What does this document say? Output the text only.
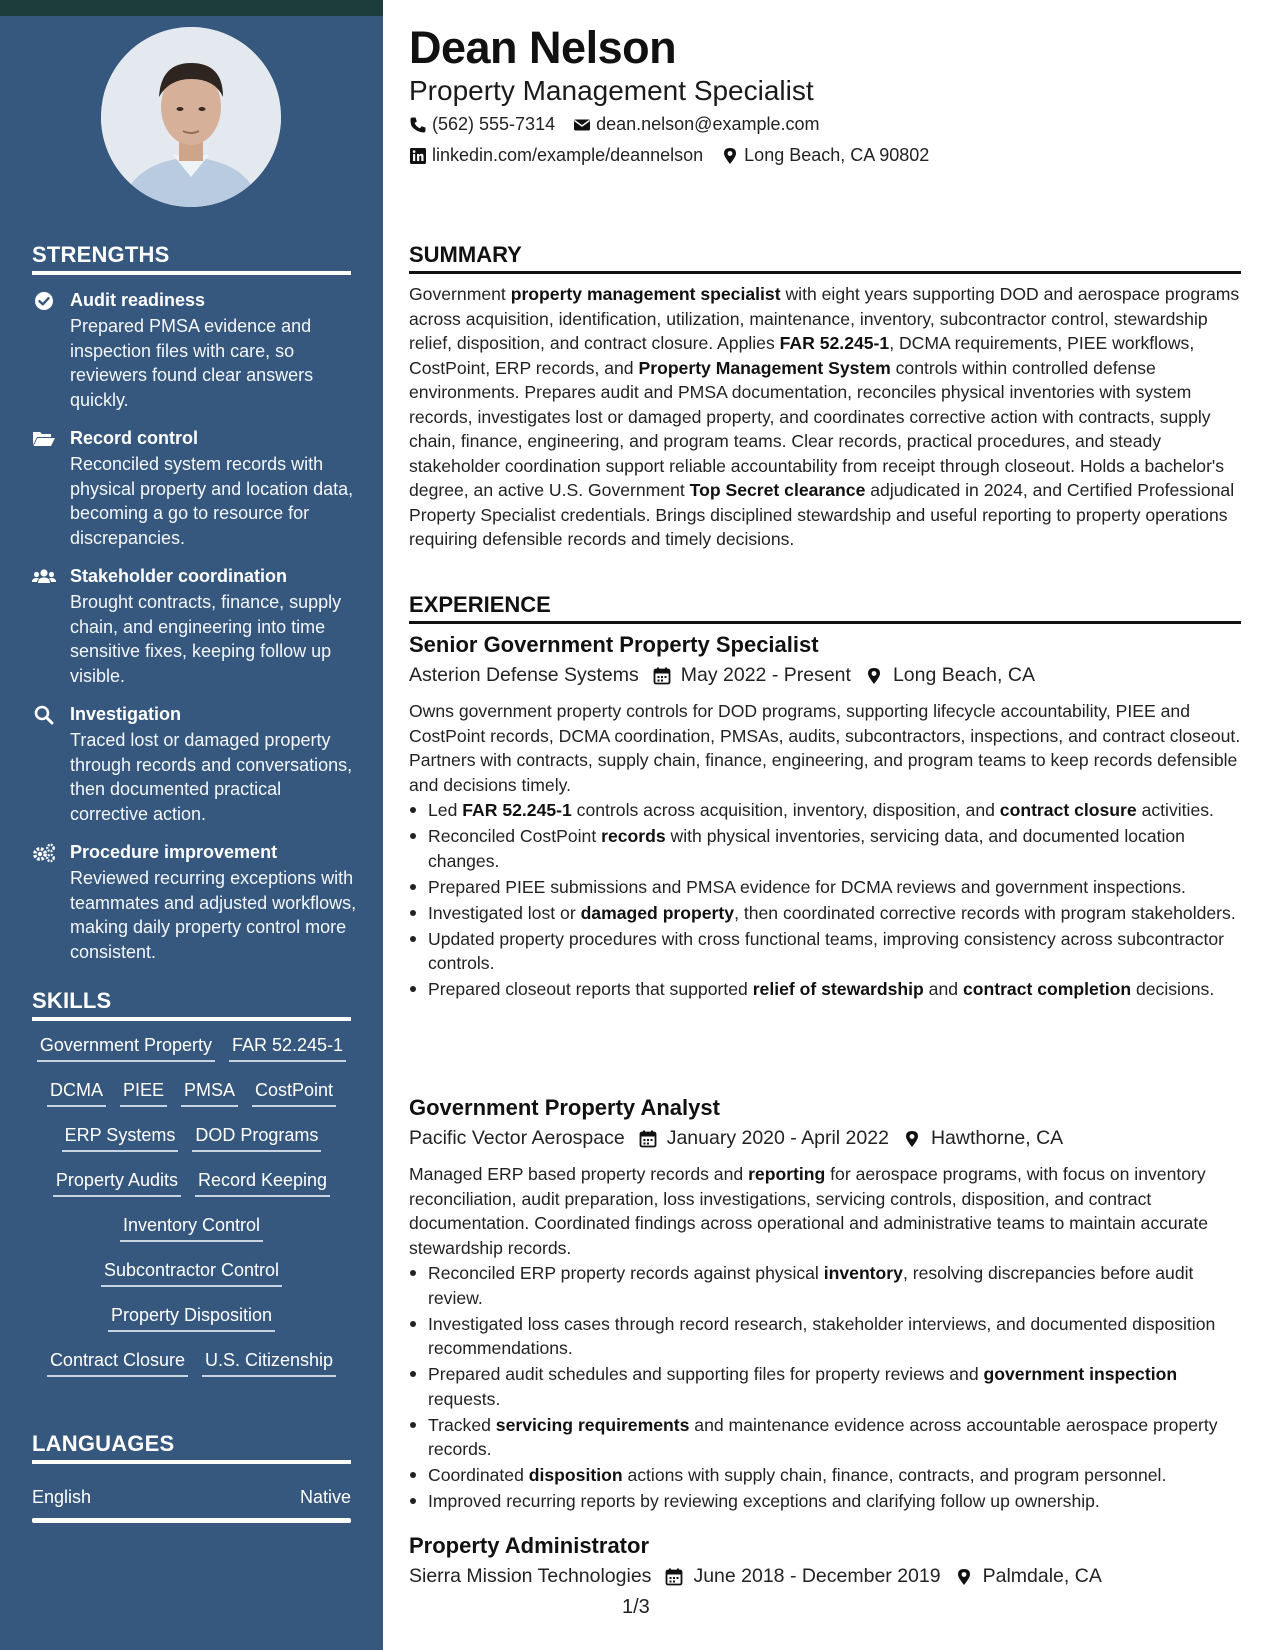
STRENGTHS
Audit readiness
Prepared PMSA evidence and inspection files with care, so reviewers found clear answers quickly.
Record control
Reconciled system records with physical property and location data, becoming a go to resource for discrepancies.
Stakeholder coordination
Brought contracts, finance, supply chain, and engineering into time sensitive fixes, keeping follow up visible.
Investigation
Traced lost or damaged property through records and conversations, then documented practical corrective action.
Procedure improvement
Reviewed recurring exceptions with teammates and adjusted workflows, making daily property control more consistent.
SKILLS
Government Property FAR 52.245-1
DCMA PIEE PMSA CostPoint
ERP Systems DOD Programs
Property Audits Record Keeping
Inventory Control
Subcontractor Control
Property Disposition
Contract Closure U.S. Citizenship
LANGUAGES
English	Native
Dean Nelson
Property Management Specialist
(562) 555-7314 dean.nelson@example.com
linkedin.com/example/deannelson Long Beach, CA 90802
SUMMARY
Government property management specialist with eight years supporting DOD and aerospace programs across acquisition, identification, utilization, maintenance, inventory, subcontractor control, stewardship relief, disposition, and contract closure. Applies FAR 52.245-1, DCMA requirements, PIEE workflows, CostPoint, ERP records, and Property Management System controls within controlled defense environments. Prepares audit and PMSA documentation, reconciles physical inventories with system records, investigates lost or damaged property, and coordinates corrective action with contracts, supply chain, finance, engineering, and program teams. Clear records, practical procedures, and steady stakeholder coordination support reliable accountability from receipt through closeout. Holds a bachelor's degree, an active U.S. Government Top Secret clearance adjudicated in 2024, and Certified Professional Property Specialist credentials. Brings disciplined stewardship and useful reporting to property operations requiring defensible records and timely decisions.
EXPERIENCE
Senior Government Property Specialist
Asterion Defense Systems May 2022 - Present Long Beach, CA
Owns government property controls for DOD programs, supporting lifecycle accountability, PIEE and CostPoint records, DCMA coordination, PMSAs, audits, subcontractors, inspections, and contract closeout. Partners with contracts, supply chain, finance, engineering, and program teams to keep records defensible and decisions timely.
Led FAR 52.245-1 controls across acquisition, inventory, disposition, and contract closure activities.
Reconciled CostPoint records with physical inventories, servicing data, and documented location changes.
Prepared PIEE submissions and PMSA evidence for DCMA reviews and government inspections.
Investigated lost or damaged property, then coordinated corrective records with program stakeholders.
Updated property procedures with cross functional teams, improving consistency across subcontractor controls.
Prepared closeout reports that supported relief of stewardship and contract completion decisions.
Government Property Analyst
Pacific Vector Aerospace January 2020 - April 2022 Hawthorne, CA
Managed ERP based property records and reporting for aerospace programs, with focus on inventory reconciliation, audit preparation, loss investigations, servicing controls, disposition, and contract documentation. Coordinated findings across operational and administrative teams to maintain accurate stewardship records.
Reconciled ERP property records against physical inventory, resolving discrepancies before audit review.
Investigated loss cases through record research, stakeholder interviews, and documented disposition recommendations.
Prepared audit schedules and supporting files for property reviews and government inspection requests.
Tracked servicing requirements and maintenance evidence across accountable aerospace property records.
Coordinated disposition actions with supply chain, finance, contracts, and program personnel.
Improved recurring reports by reviewing exceptions and clarifying follow up ownership.
Property Administrator
Sierra Mission Technologies June 2018 - December 2019 Palmdale, CA
1/3
